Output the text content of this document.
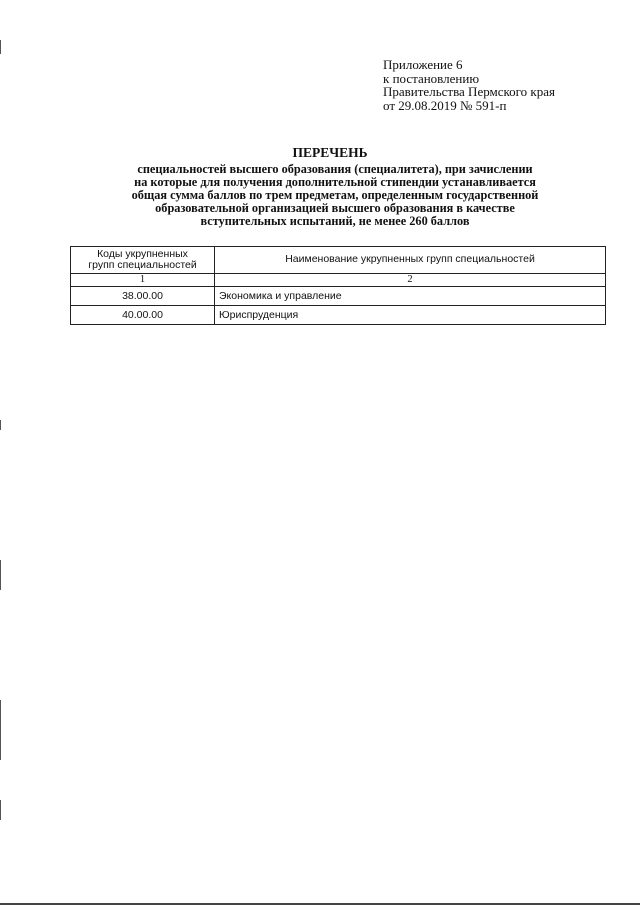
Приложение 6
к постановлению
Правительства Пермского края
от 29.08.2019 № 591-п
ПЕРЕЧЕНЬ
специальностей высшего образования (специалитета), при зачислении
на которые для получения дополнительной стипендии устанавливается
общая сумма баллов по трем предметам, определенным государственной
образовательной организацией высшего образования в качестве
вступительных испытаний, не менее 260 баллов
Коды укрупненных
групп специальностей	Наименование укрупненных групп специальностей
1	2
38.00.00	Экономика и управление
40.00.00	Юриспруденция
